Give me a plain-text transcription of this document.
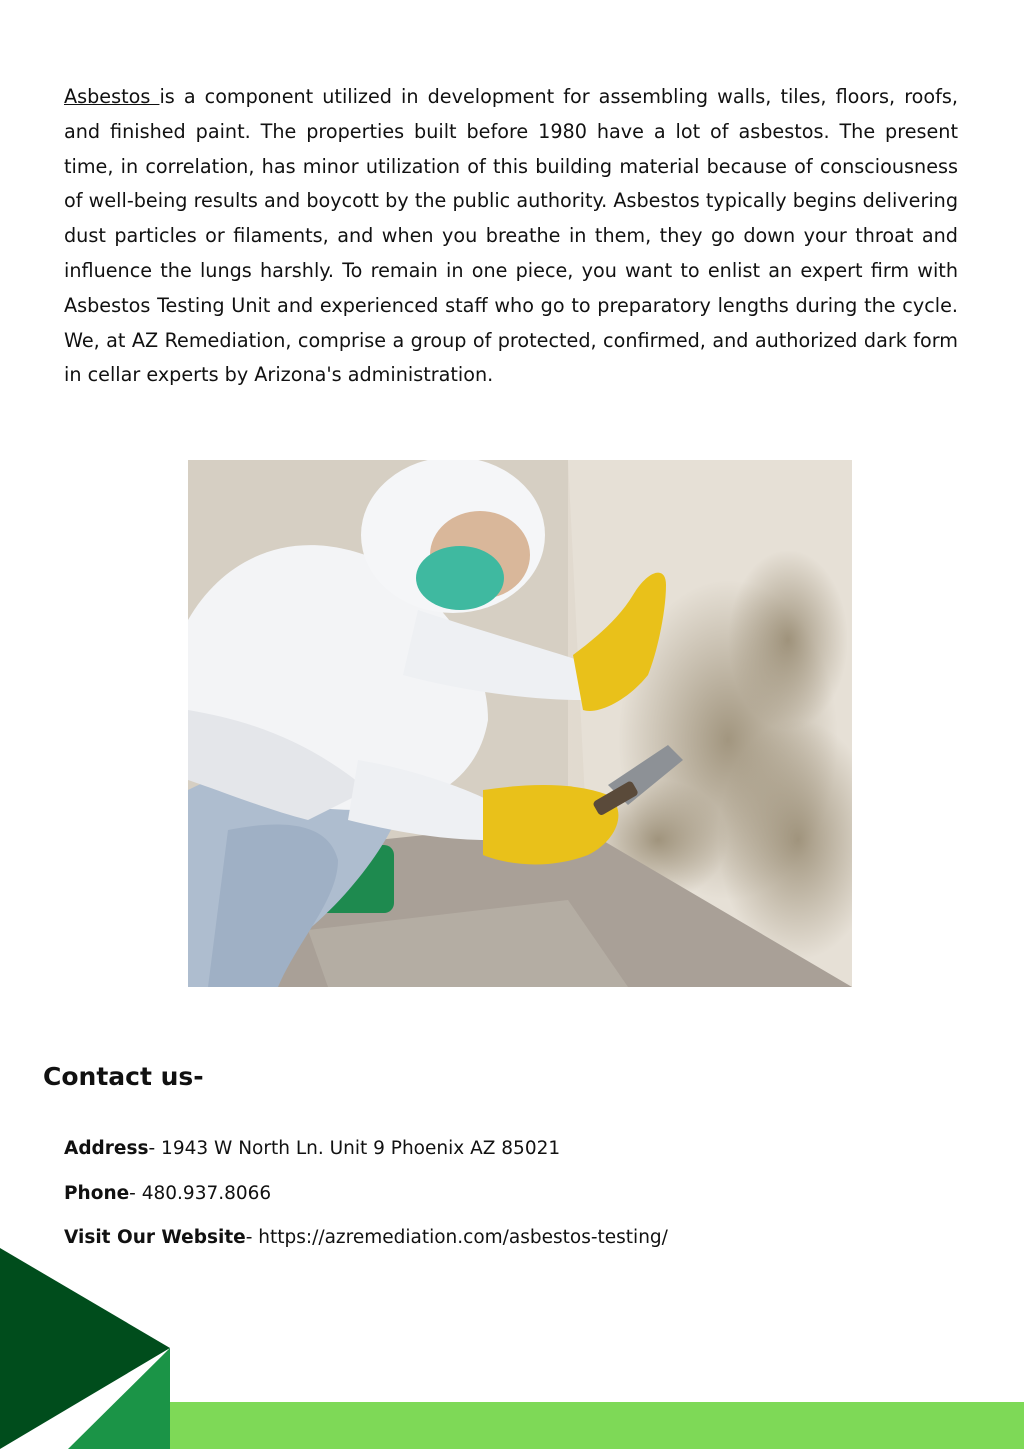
Asbestos is a component utilized in development for assembling walls, tiles, floors, roofs, and finished paint. The properties built before 1980 have a lot of asbestos. The present time, in correlation, has minor utilization of this building material because of consciousness of well-being results and boycott by the public authority. Asbestos typically begins delivering dust particles or filaments, and when you breathe in them, they go down your throat and influence the lungs harshly. To remain in one piece, you want to enlist an expert firm with Asbestos Testing Unit and experienced staff who go to preparatory lengths during the cycle. We, at AZ Remediation, comprise a group of protected, confirmed, and authorized dark form in cellar experts by Arizona's administration.

Contact us-

Address- 1943 W North Ln. Unit 9 Phoenix AZ 85021

Phone- 480.937.8066

Visit Our Website- https://azremediation.com/asbestos-testing/
